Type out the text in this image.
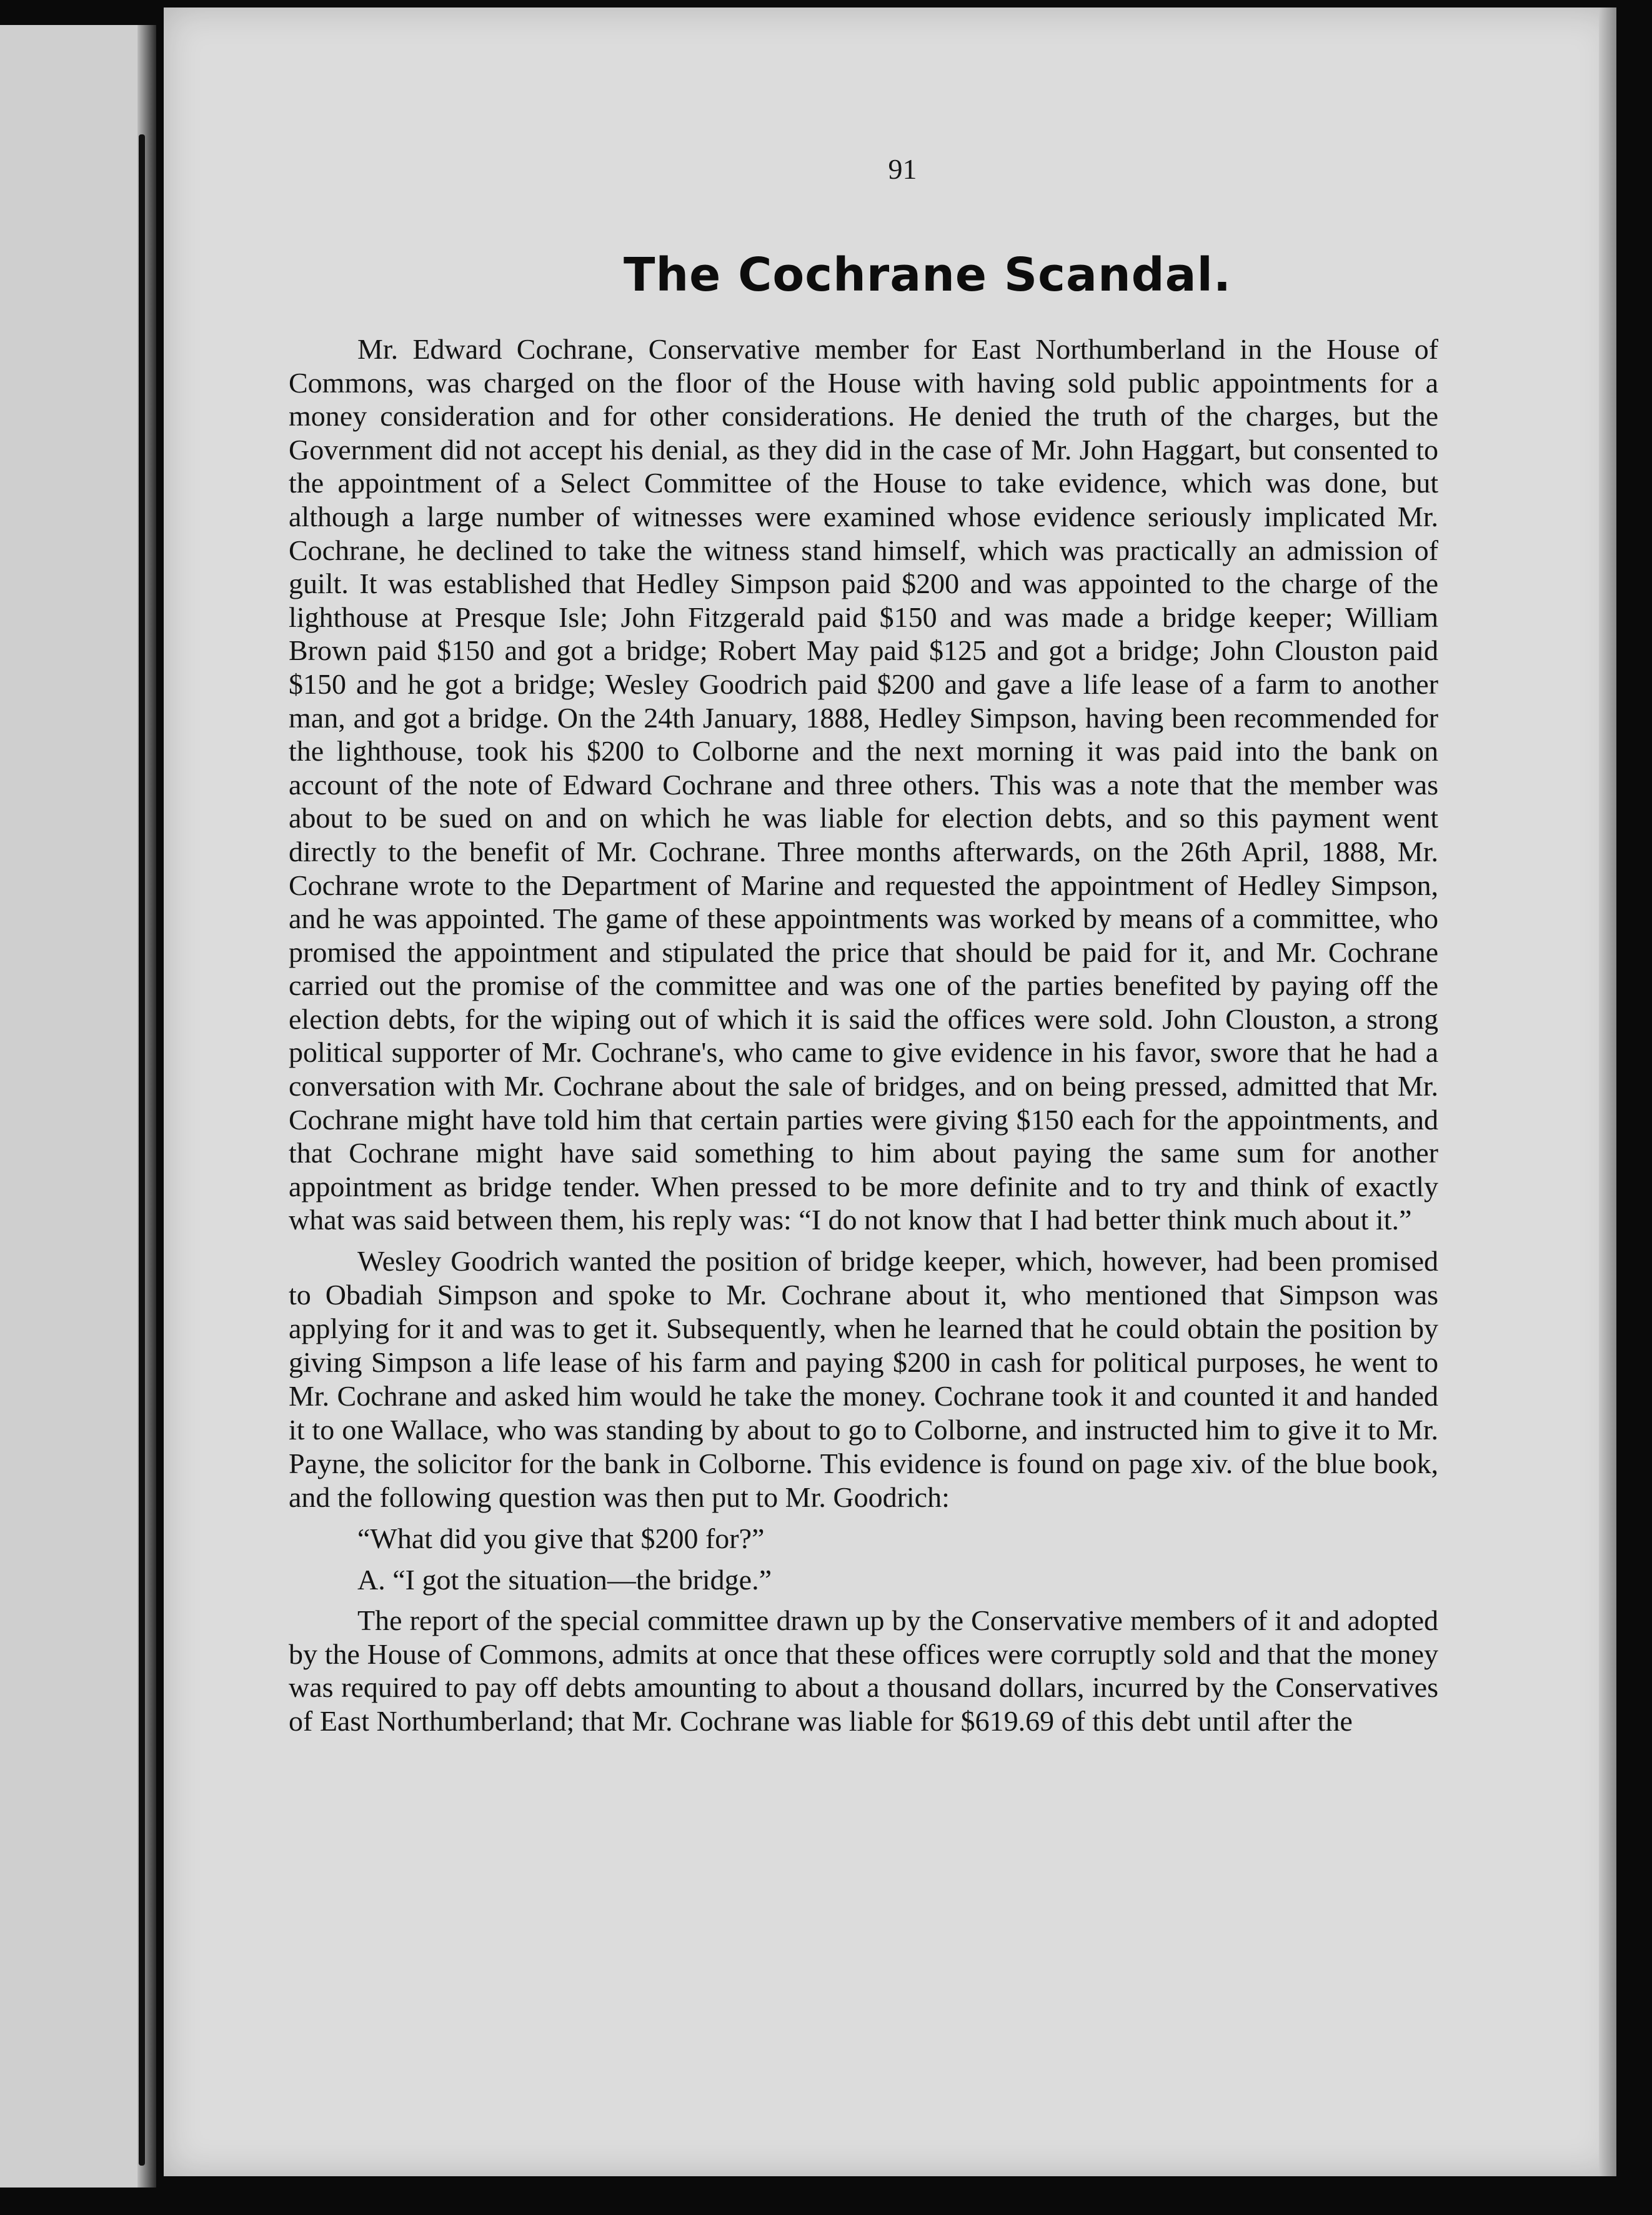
91
The Cochrane Scandal.

Mr. Edward Cochrane, Conservative member for East Northumberland in the House of Commons, was charged on the floor of the House with having sold public appointments for a money consideration and for other considerations. He denied the truth of the charges, but the Government did not accept his denial, as they did in the case of Mr. John Haggart, but consented to the appointment of a Select Committee of the House to take evidence, which was done, but although a large number of witnesses were examined whose evidence seriously implicated Mr. Cochrane, he declined to take the witness stand himself, which was practically an admission of guilt. It was established that Hedley Simpson paid $200 and was appointed to the charge of the lighthouse at Presque Isle; John Fitzgerald paid $150 and was made a bridge keeper; William Brown paid $150 and got a bridge; Robert May paid $125 and got a bridge; John Clouston paid $150 and he got a bridge; Wesley Goodrich paid $200 and gave a life lease of a farm to another man, and got a bridge. On the 24th January, 1888, Hedley Simpson, having been recommended for the lighthouse, took his $200 to Colborne and the next morning it was paid into the bank on account of the note of Edward Cochrane and three others. This was a note that the member was about to be sued on and on which he was liable for election debts, and so this payment went directly to the benefit of Mr. Cochrane. Three months afterwards, on the 26th April, 1888, Mr. Cochrane wrote to the Department of Marine and requested the appointment of Hedley Simpson, and he was appointed. The game of these appointments was worked by means of a committee, who promised the appointment and stipulated the price that should be paid for it, and Mr. Cochrane carried out the promise of the committee and was one of the parties benefited by paying off the election debts, for the wiping out of which it is said the offices were sold. John Clouston, a strong political supporter of Mr. Cochrane's, who came to give evidence in his favor, swore that he had a conversation with Mr. Cochrane about the sale of bridges, and on being pressed, admitted that Mr. Cochrane might have told him that certain parties were giving $150 each for the appointments, and that Cochrane might have said something to him about paying the same sum for another appointment as bridge tender. When pressed to be more definite and to try and think of exactly what was said between them, his reply was: “I do not know that I had better think much about it.”

Wesley Goodrich wanted the position of bridge keeper, which, however, had been promised to Obadiah Simpson and spoke to Mr. Cochrane about it, who mentioned that Simpson was applying for it and was to get it. Subsequently, when he learned that he could obtain the position by giving Simpson a life lease of his farm and paying $200 in cash for political purposes, he went to Mr. Cochrane and asked him would he take the money. Cochrane took it and counted it and handed it to one Wallace, who was standing by about to go to Colborne, and instructed him to give it to Mr. Payne, the solicitor for the bank in Colborne. This evidence is found on page xiv. of the blue book, and the following question was then put to Mr. Goodrich:

“What did you give that $200 for?”

A. “I got the situation—the bridge.”

The report of the special committee drawn up by the Conservative members of it and adopted by the House of Commons, admits at once that these offices were corruptly sold and that the money was required to pay off debts amounting to about a thousand dollars, incurred by the Conservatives of East Northumberland; that Mr. Cochrane was liable for $619.69 of this debt until after the
